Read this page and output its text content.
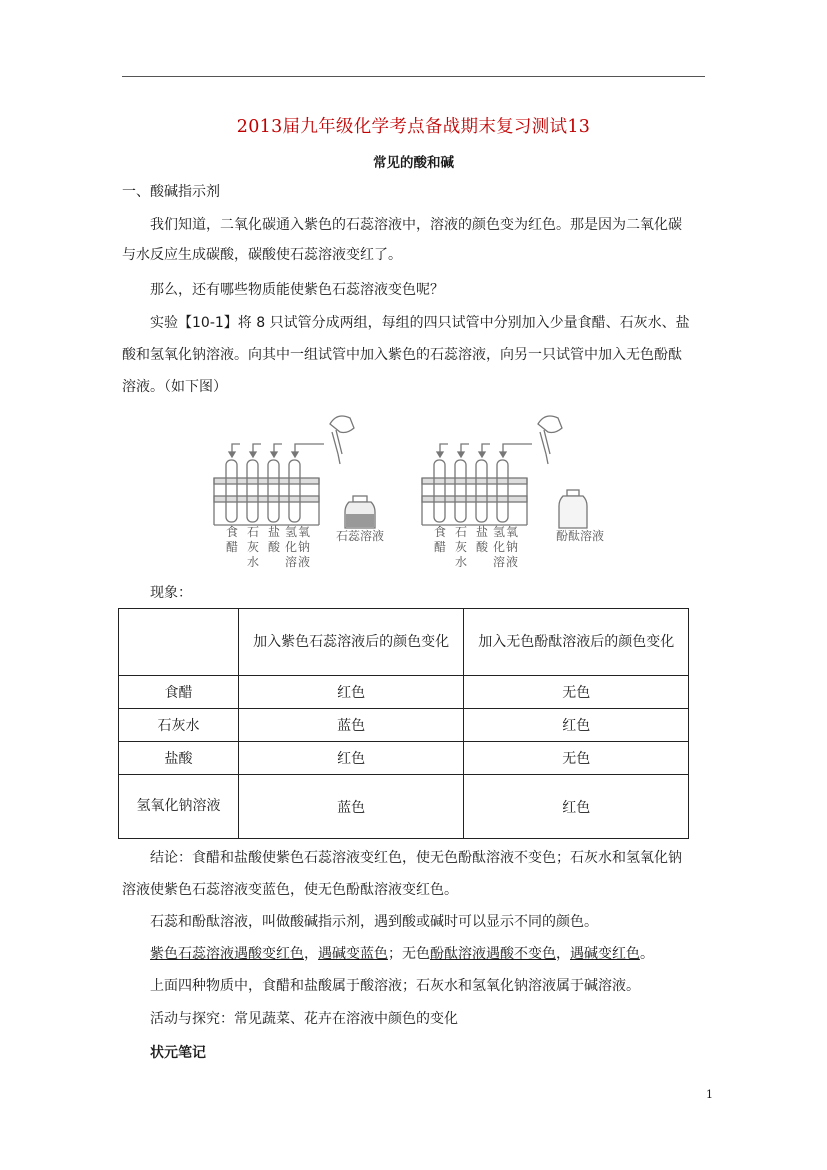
2013届九年级化学考点备战期末复习测试13
常见的酸和碱
一、酸碱指示剂
我们知道，二氧化碳通入紫色的石蕊溶液中，溶液的颜色变为红色。那是因为二氧化碳
与水反应生成碳酸，碳酸使石蕊溶液变红了。
那么，还有哪些物质能使紫色石蕊溶液变色呢？
实验【10-1】将 8 只试管分成两组，每组的四只试管中分别加入少量食醋、石灰水、盐
酸和氢氧化钠溶液。向其中一组试管中加入紫色的石蕊溶液，向另一只试管中加入无色酚酞
溶液。（如下图）
食醋
石灰水
盐酸
氢化溶
氧钠液
石蕊溶液	食醋
石灰水
盐酸
氢化溶
氧钠液
酚酞溶液
现象：
	加入紫色石蕊溶液后的颜色变化	加入无色酚酞溶液后的颜色变化
食醋	红色	无色
石灰水	蓝色	红色
盐酸	红色	无色
氢氧化钠溶液	蓝色	红色
结论：食醋和盐酸使紫色石蕊溶液变红色，使无色酚酞溶液不变色；石灰水和氢氧化钠
溶液使紫色石蕊溶液变蓝色，使无色酚酞溶液变红色。
石蕊和酚酞溶液，叫做酸碱指示剂，遇到酸或碱时可以显示不同的颜色。
紫色石蕊溶液遇酸变红色，遇碱变蓝色；无色酚酞溶液遇酸不变色，遇碱变红色。
上面四种物质中，食醋和盐酸属于酸溶液；石灰水和氢氧化钠溶液属于碱溶液。
活动与探究：常见蔬菜、花卉在溶液中颜色的变化
状元笔记
1
